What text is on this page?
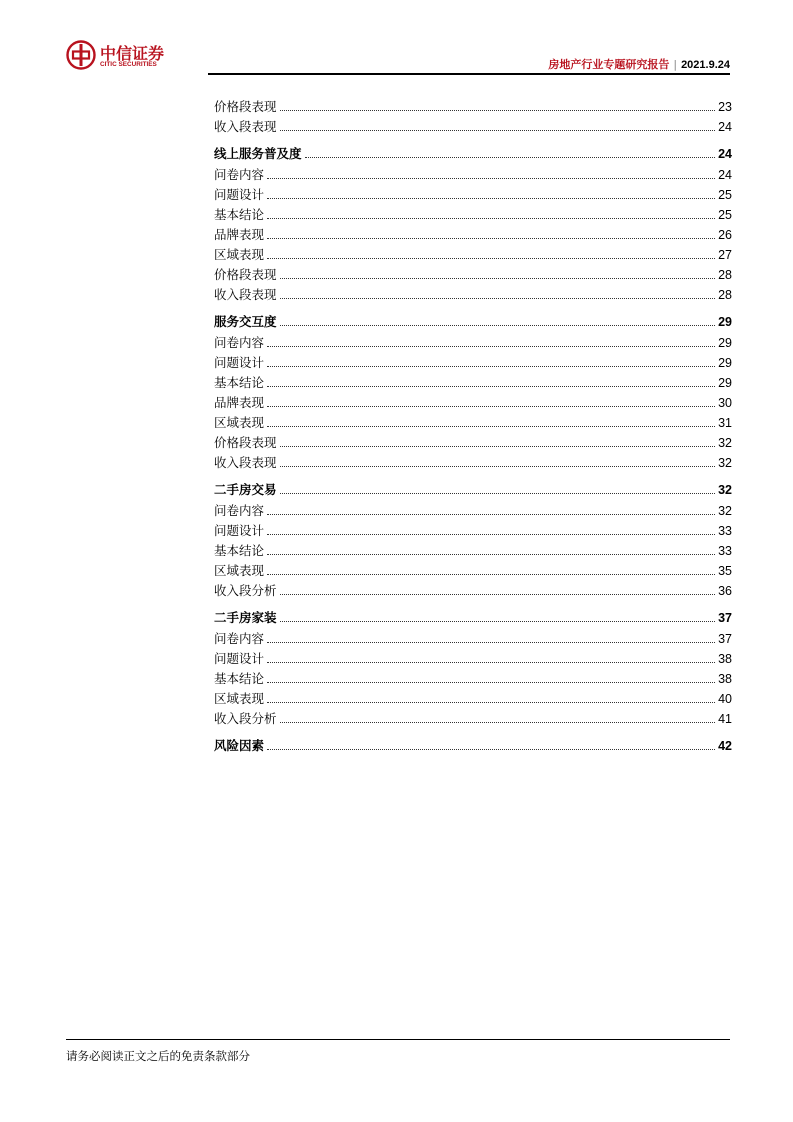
中信证券
CITIC SECURITIES	房地产行业专题研究报告 | 2021.9.24
价格段表现	23
收入段表现	24
线上服务普及度	24
问卷内容	24
问题设计	25
基本结论	25
品牌表现	26
区域表现	27
价格段表现	28
收入段表现	28
服务交互度	29
问卷内容	29
问题设计	29
基本结论	29
品牌表现	30
区域表现	31
价格段表现	32
收入段表现	32
二手房交易	32
问卷内容	32
问题设计	33
基本结论	33
区域表现	35
收入段分析	36
二手房家装	37
问卷内容	37
问题设计	38
基本结论	38
区域表现	40
收入段分析	41
风险因素	42
请务必阅读正文之后的免责条款部分
